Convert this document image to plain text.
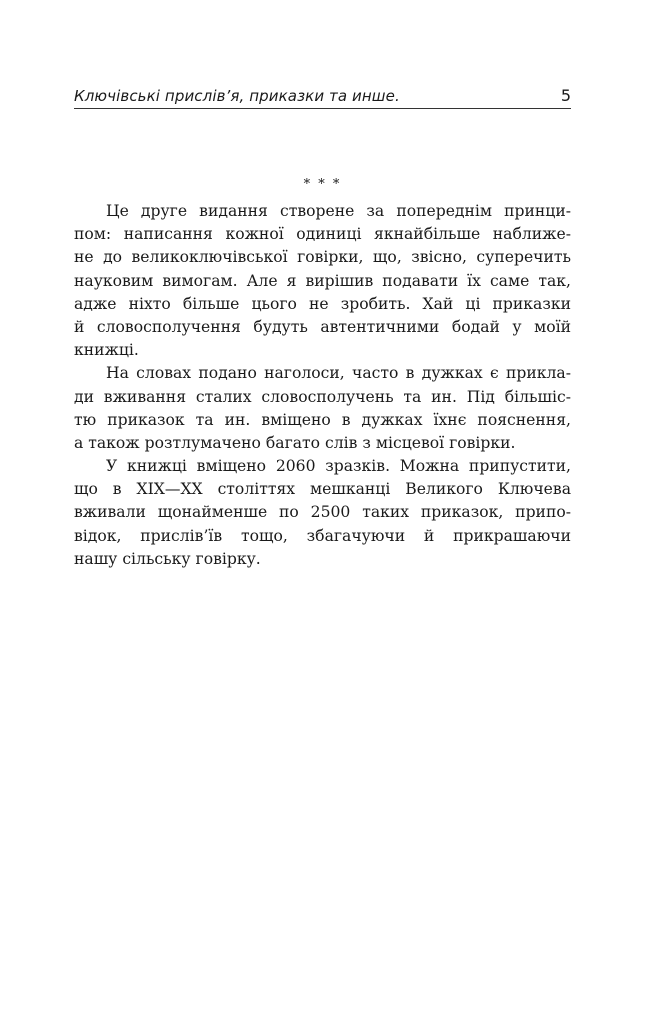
Ключівські прислів’я, приказки та инше.	5
* * *
Це друге видання створене за попереднім принци-
пом: написання кожної одиниці якнайбільше наближе-
не до великоключівської говірки, що, звісно, суперечить
науковим вимогам. Але я вирішив подавати їх саме так,
адже ніхто більше цього не зробить. Хай ці приказки
й словосполучення будуть автентичними бодай у моїй
книжці.
На словах подано наголоси, часто в дужках є прикла-
ди вживання сталих словосполучень та ин. Під більшіс-
тю приказок та ин. вміщено в дужках їхнє пояснення,
а також розтлумачено багато слів з місцевої говірки.
У книжці вміщено 2060 зразків. Можна припустити,
що в XIX—XX століттях мешканці Великого Ключева
вживали щонайменше по 2500 таких приказок, припо-
відок, прислів’їв тощо, збагачуючи й прикрашаючи
нашу сільську говірку.
